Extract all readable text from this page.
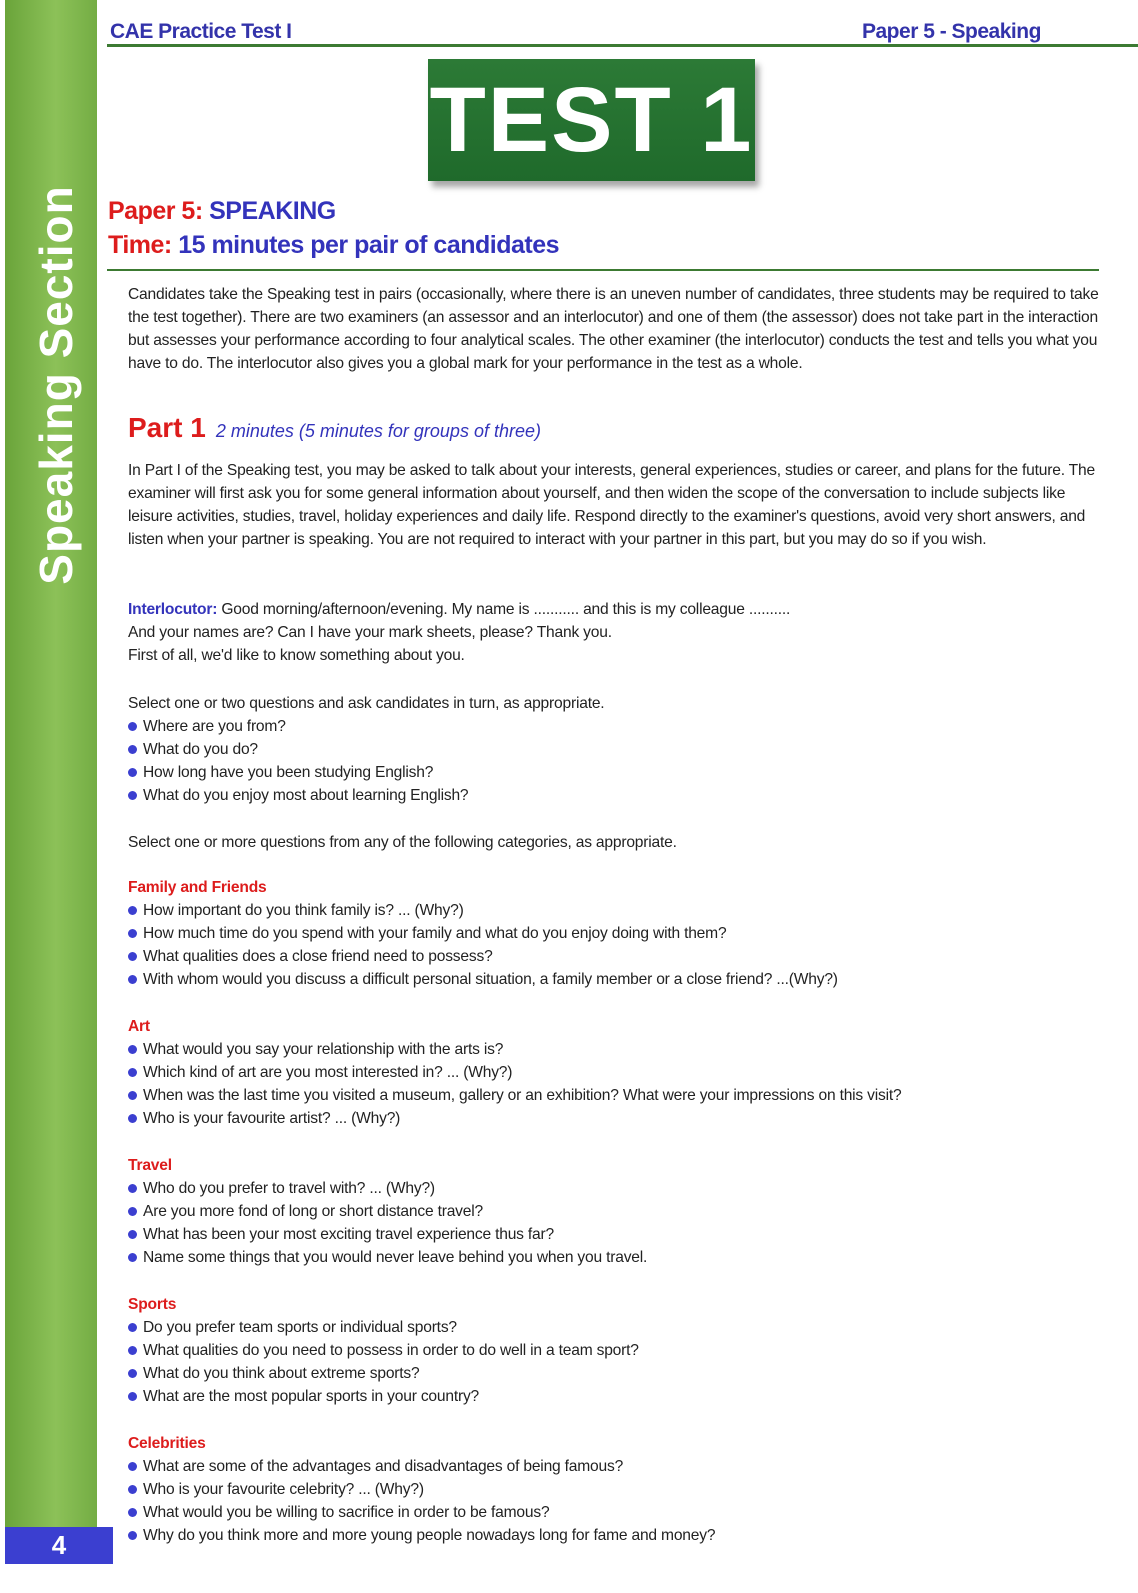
Speaking Section
4
CAE Practice Test I	Paper 5 - Speaking
TEST 1
Paper 5: SPEAKING
Time: 15 minutes per pair of candidates

Candidates take the Speaking test in pairs (occasionally, where there is an uneven number of candidates, three students may be required to take the test together). There are two examiners (an assessor and an interlocutor) and one of them (the assessor) does not take part in the interaction but assesses your performance according to four analytical scales. The other examiner (the interlocutor) conducts the test and tells you what you have to do. The interlocutor also gives you a global mark for your performance in the test as a whole.

Part 1 2 minutes (5 minutes for groups of three)

In Part I of the Speaking test, you may be asked to talk about your interests, general experiences, studies or career, and plans for the future. The examiner will first ask you for some general information about yourself, and then widen the scope of the conversation to include subjects like leisure activities, studies, travel, holiday experiences and daily life. Respond directly to the examiner's questions, avoid very short answers, and listen when your partner is speaking. You are not required to interact with your partner in this part, but you may do so if you wish.

Interlocutor: Good morning/afternoon/evening. My name is ........... and this is my colleague ..........

And your names are? Can I have your mark sheets, please? Thank you.

First of all, we'd like to know something about you.

Select one or two questions and ask candidates in turn, as appropriate.

Where are you from?

What do you do?

How long have you been studying English?

What do you enjoy most about learning English?

Select one or more questions from any of the following categories, as appropriate.

Family and Friends

How important do you think family is? ... (Why?)

How much time do you spend with your family and what do you enjoy doing with them?

What qualities does a close friend need to possess?

With whom would you discuss a difficult personal situation, a family member or a close friend? ...(Why?)

Art

What would you say your relationship with the arts is?

Which kind of art are you most interested in? ... (Why?)

When was the last time you visited a museum, gallery or an exhibition? What were your impressions on this visit?

Who is your favourite artist? ... (Why?)

Travel

Who do you prefer to travel with? ... (Why?)

Are you more fond of long or short distance travel?

What has been your most exciting travel experience thus far?

Name some things that you would never leave behind you when you travel.

Sports

Do you prefer team sports or individual sports?

What qualities do you need to possess in order to do well in a team sport?

What do you think about extreme sports?

What are the most popular sports in your country?

Celebrities

What are some of the advantages and disadvantages of being famous?

Who is your favourite celebrity? ... (Why?)

What would you be willing to sacrifice in order to be famous?

Why do you think more and more young people nowadays long for fame and money?
